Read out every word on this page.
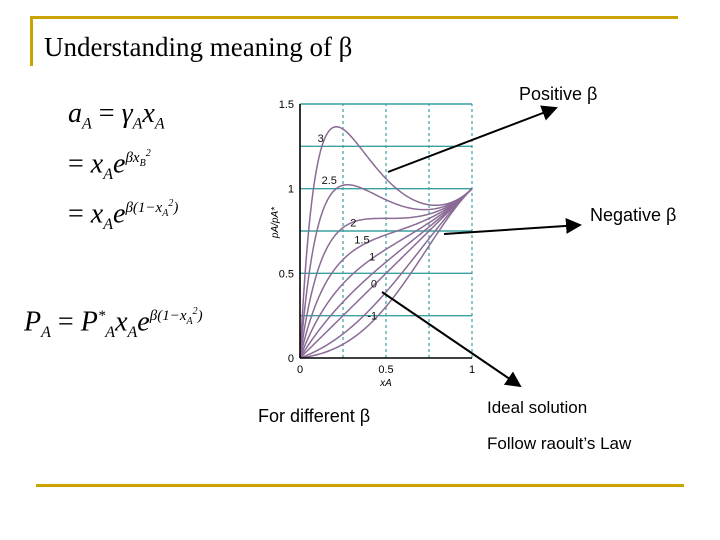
Understanding meaning of β
$a_A = \gamma_Ax_A$
= $x_Ae^{\beta x_B^2}$
= $x_Ae^{\beta(1-x_A^2)}$
$P_A = P^*_Ax_Ae^{\beta(1-x_A^2)}$
0
0.5
1
1.5
0	0.5	1
xA
pA/pA*
3
2.5
2
1.5
1
0
-1
Positive β
Negative β
For different β	Ideal solution
Follow raoult’s Law
